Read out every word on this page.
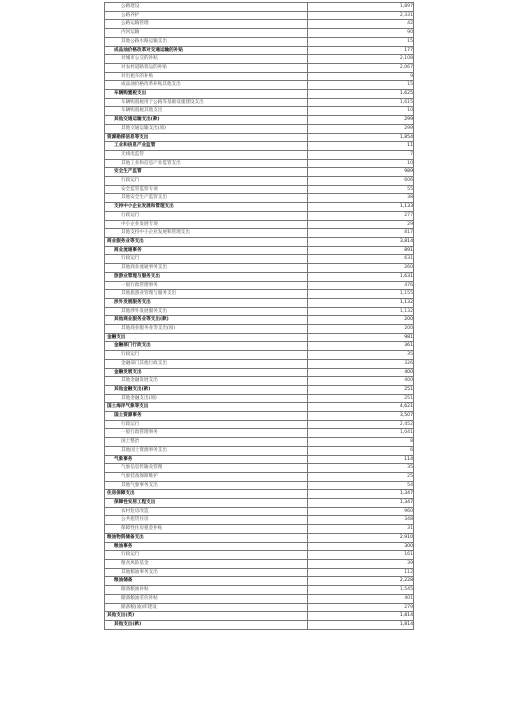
公路建设	1,897
公路养护	2,331
公路运输管理	42
内河运输	90
其他公路水路运输支出	15
成品油价格改革对交通运输的补贴	177
对城市公交的补贴	2,108
对农村道路客运的补贴	2,067
对出租车的补贴	9
成品油价格改革补贴其他支出	15
车辆购置税支出	1,625
车辆购置税用于公路等基础设施建设支出	1,615
车辆购置税其他支出	10
其他交通运输支出(款)	299
其他交通运输支出(项)	299
资源勘探信息等支出	1,854
工业和信息产业监管	11
无线电监管	7
其他工业和信息产业监管支出	10
安全生产监管	989
行政运行	606
安全监管监察专项	55
其他安全生产监管支出	38
支持中小企业发展和管理支出	1,133
行政运行	277
中小企业发展专项	29
其他支持中小企业发展和管理支出	817
商业服务业等支出	3,814
商业流通事务	891
行政运行	631
其他商业流通事务支出	260
旅游业管理与服务支出	1,631
一般行政管理事务	476
其他旅游业管理与服务支出	1,155
涉外发展服务支出	1,132
其他涉外发展服务支出	1,132
其他商业服务业等支出(款)	200
其他商业服务业等支出(项)	200
金融支出	981
金融部门行政支出	361
行政运行	35
金融部门其他行政支出	326
金融发展支出	400
其他金融发展支出	400
其他金融支出(款)	251
其他金融支出(项)	251
国土海洋气象等支出	4,621
国土资源事务	3,507
行政运行	2,452
一般行政管理事务	1,041
国土整治	8
其他国土资源事务支出	6
气象事务	114
气象信息传输及管理	35
气象装备保障维护	25
其他气象事务支出	54
住房保障支出	1,347
保障性安居工程支出	1,347
农村危房改造	960
公共租赁住房	348
保障性住房租金补贴	31
粮油物资储备支出	2,910
粮油事务	300
行政运行	161
粮食风险基金	39
其他粮油事务支出	112
粮油储备	2,228
储备粮油补贴	1,545
储备粮油差价补贴	401
储备粮(油)库建设	279
其他支出(类)	1,814
其他支出(款)	1,814
